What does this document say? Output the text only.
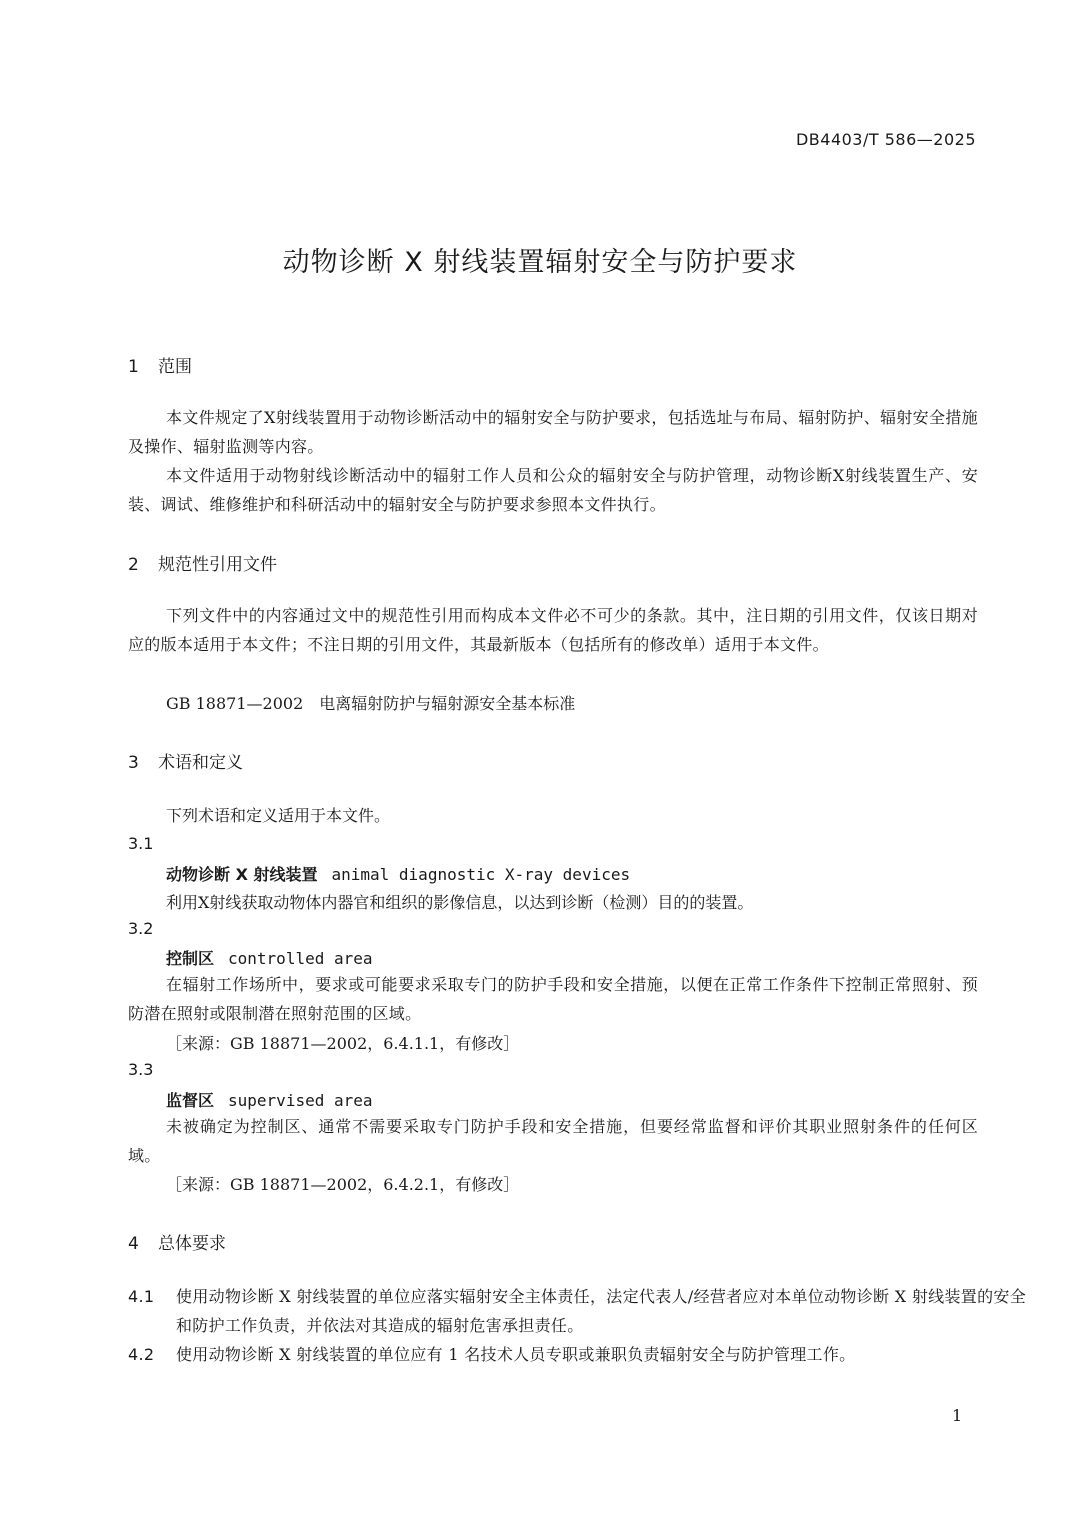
DB4403/T 586—2025
动物诊断 X 射线装置辐射安全与防护要求
1 范围
本文件规定了X射线装置用于动物诊断活动中的辐射安全与防护要求，包括选址与布局、辐射防护、辐射安全措施及操作、辐射监测等内容。
本文件适用于动物射线诊断活动中的辐射工作人员和公众的辐射安全与防护管理，动物诊断X射线装置生产、安装、调试、维修维护和科研活动中的辐射安全与防护要求参照本文件执行。
2 规范性引用文件
下列文件中的内容通过文中的规范性引用而构成本文件必不可少的条款。其中，注日期的引用文件，仅该日期对应的版本适用于本文件；不注日期的引用文件，其最新版本（包括所有的修改单）适用于本文件。
GB 18871—2002　电离辐射防护与辐射源安全基本标准
3 术语和定义
下列术语和定义适用于本文件。
3.1
动物诊断 X 射线装置 animal diagnostic X-ray devices
利用X射线获取动物体内器官和组织的影像信息，以达到诊断（检测）目的的装置。
3.2
控制区 controlled area
在辐射工作场所中，要求或可能要求采取专门的防护手段和安全措施，以便在正常工作条件下控制正常照射、预防潜在照射或限制潜在照射范围的区域。
［来源：GB 18871—2002，6.4.1.1，有修改］
3.3
监督区 supervised area
未被确定为控制区、通常不需要采取专门防护手段和安全措施，但要经常监督和评价其职业照射条件的任何区域。
［来源：GB 18871—2002，6.4.2.1，有修改］
4 总体要求
4.1 使用动物诊断 X 射线装置的单位应落实辐射安全主体责任，法定代表人/经营者应对本单位动物诊断 X 射线装置的安全和防护工作负责，并依法对其造成的辐射危害承担责任。
4.2 使用动物诊断 X 射线装置的单位应有 1 名技术人员专职或兼职负责辐射安全与防护管理工作。
1
